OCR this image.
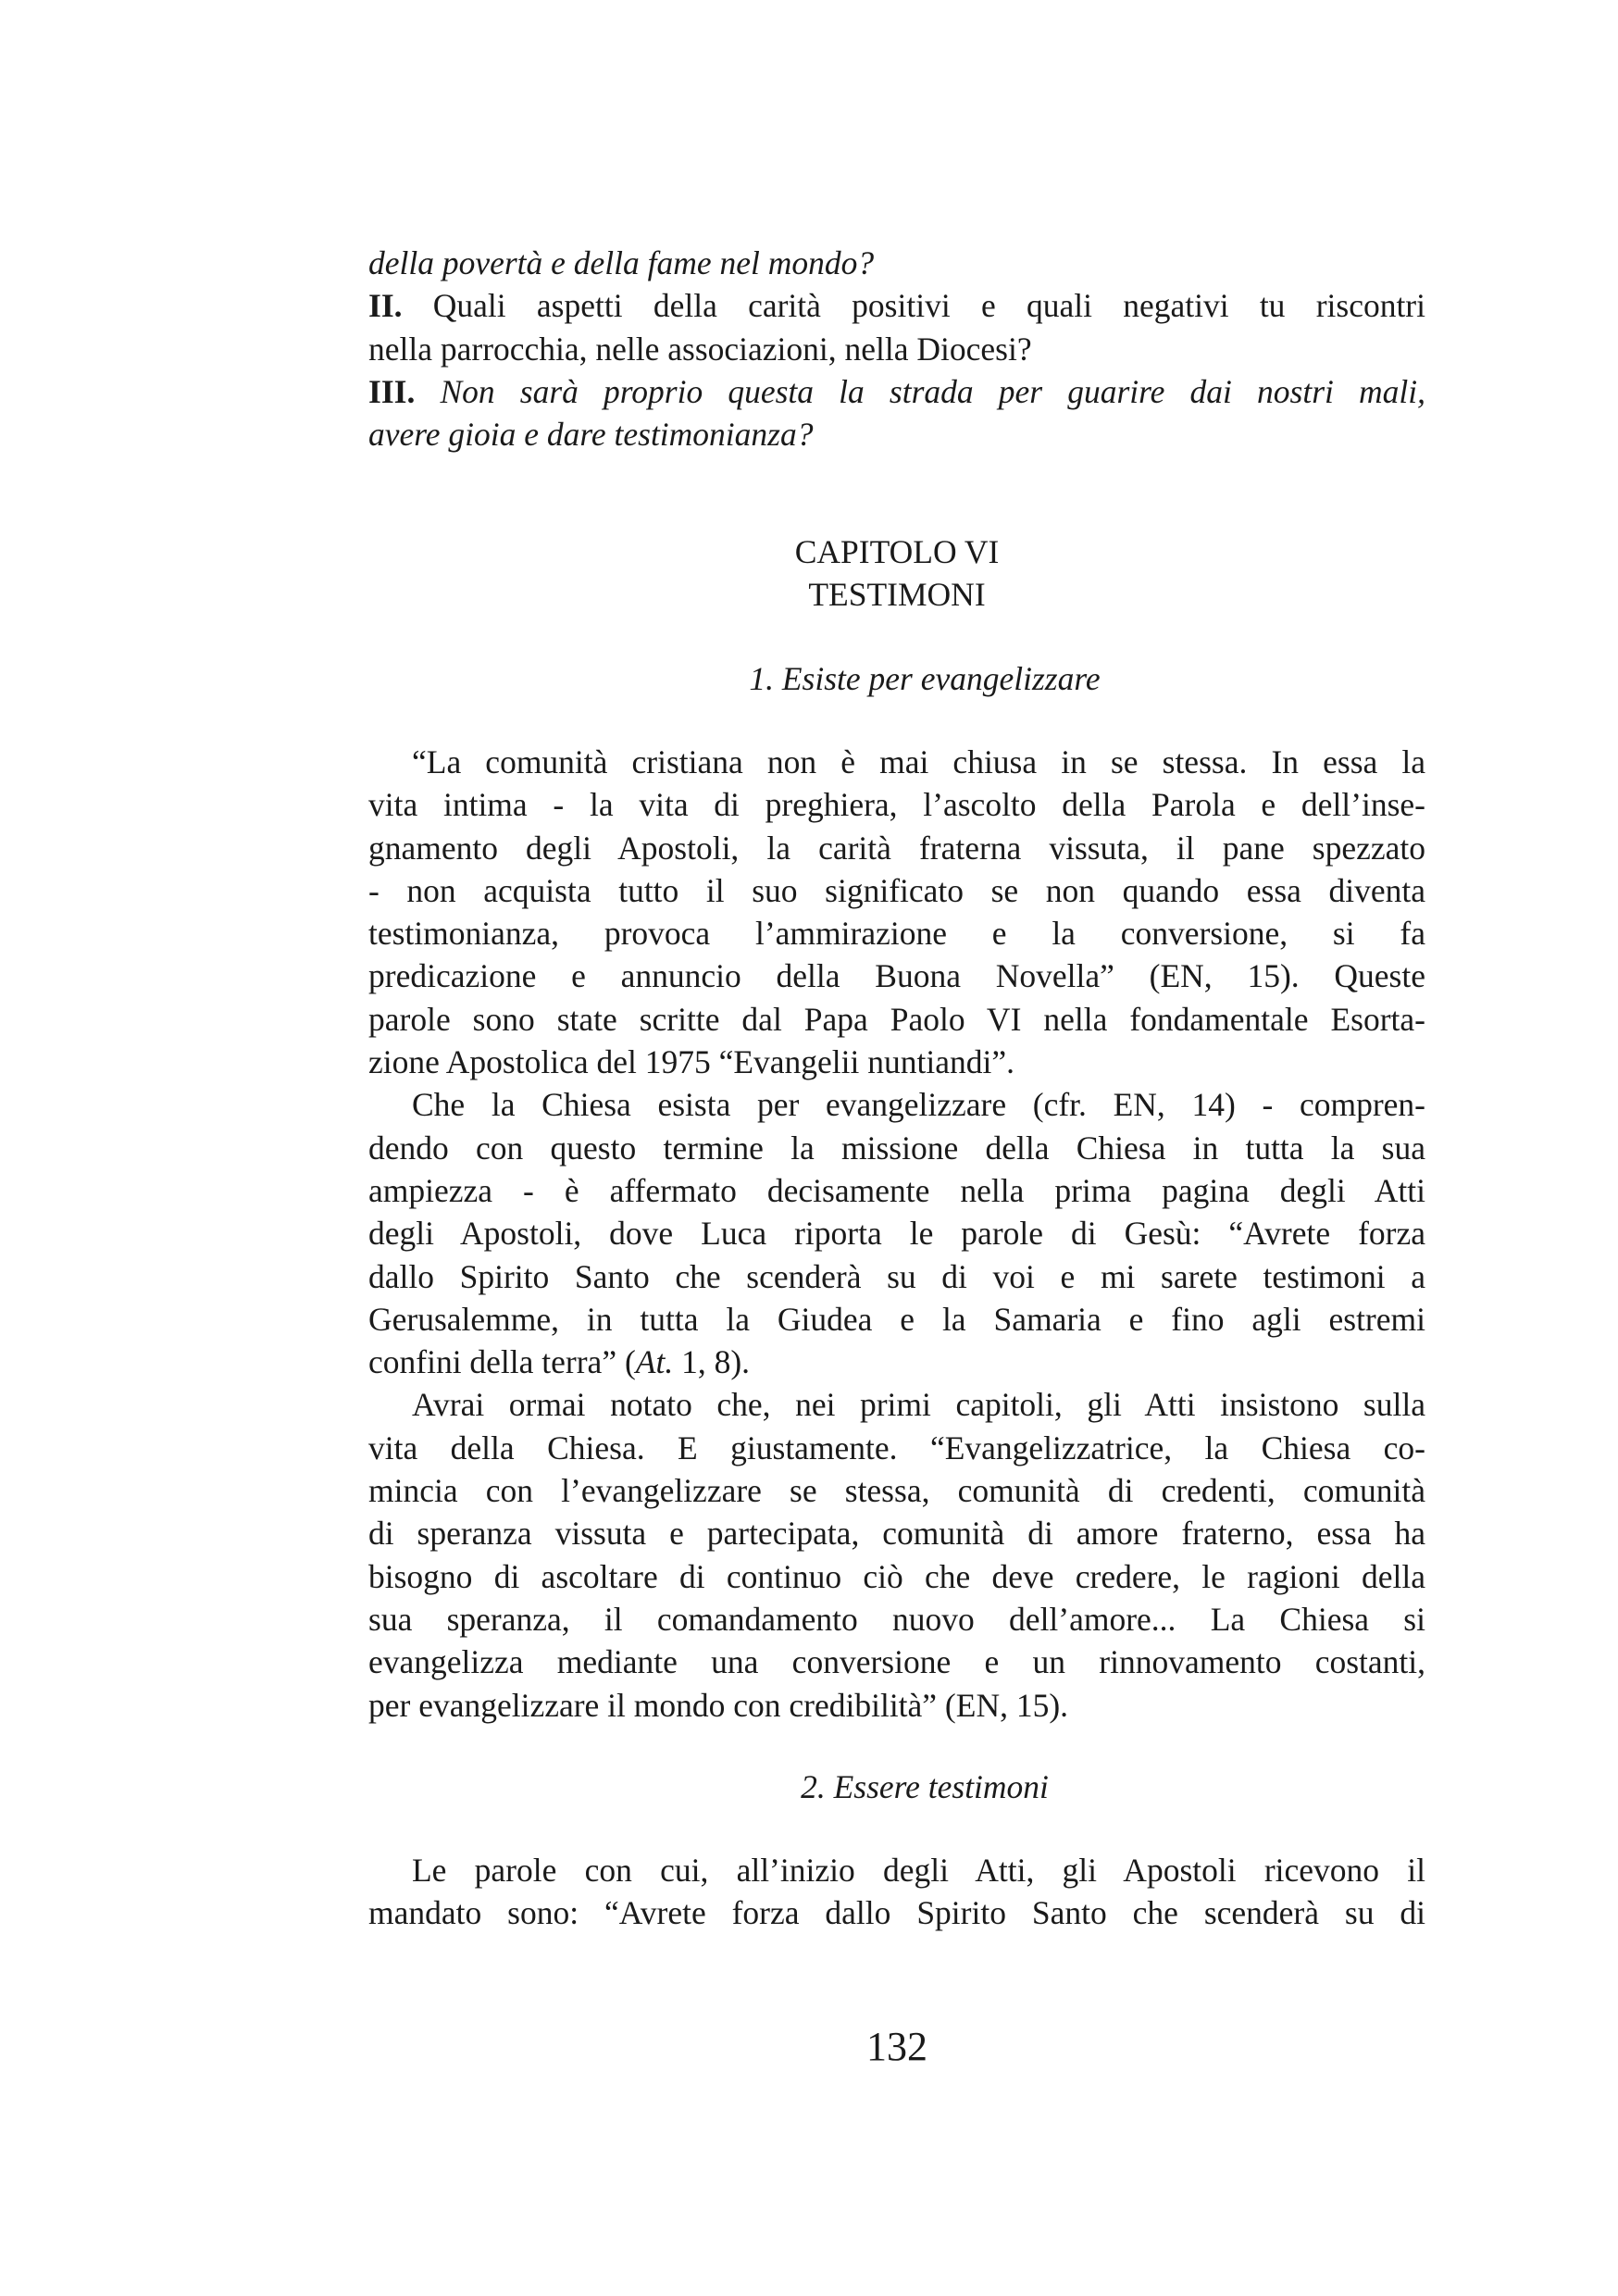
della povertà e della fame nel mondo?
II. Quali aspetti della carità positivi e quali negativi tu riscontri
nella parrocchia, nelle associazioni, nella Diocesi?
III. Non sarà proprio questa la strada per guarire dai nostri mali,
avere gioia e dare testimonianza?
CAPITOLO VI
TESTIMONI
1. Esiste per evangelizzare
“La comunità cristiana non è mai chiusa in se stessa. In essa la
vita intima - la vita di preghiera, l’ascolto della Parola e dell’inse-
gnamento degli Apostoli, la carità fraterna vissuta, il pane spezzato
- non acquista tutto il suo significato se non quando essa diventa
testimonianza, provoca l’ammirazione e la conversione, si fa
predicazione e annuncio della Buona Novella” (EN, 15). Queste
parole sono state scritte dal Papa Paolo VI nella fondamentale Esorta-
zione Apostolica del 1975 “Evangelii nuntiandi”.
Che la Chiesa esista per evangelizzare (cfr. EN, 14) - compren-
dendo con questo termine la missione della Chiesa in tutta la sua
ampiezza - è affermato decisamente nella prima pagina degli Atti
degli Apostoli, dove Luca riporta le parole di Gesù: “Avrete forza
dallo Spirito Santo che scenderà su di voi e mi sarete testimoni a
Gerusalemme, in tutta la Giudea e la Samaria e fino agli estremi
confini della terra” (At. 1, 8).
Avrai ormai notato che, nei primi capitoli, gli Atti insistono sulla
vita della Chiesa. E giustamente. “Evangelizzatrice, la Chiesa co-
mincia con l’evangelizzare se stessa, comunità di credenti, comunità
di speranza vissuta e partecipata, comunità di amore fraterno, essa ha
bisogno di ascoltare di continuo ciò che deve credere, le ragioni della
sua speranza, il comandamento nuovo dell’amore... La Chiesa si
evangelizza mediante una conversione e un rinnovamento costanti,
per evangelizzare il mondo con credibilità” (EN, 15).
2. Essere testimoni
Le parole con cui, all’inizio degli Atti, gli Apostoli ricevono il
mandato sono: “Avrete forza dallo Spirito Santo che scenderà su di
132
